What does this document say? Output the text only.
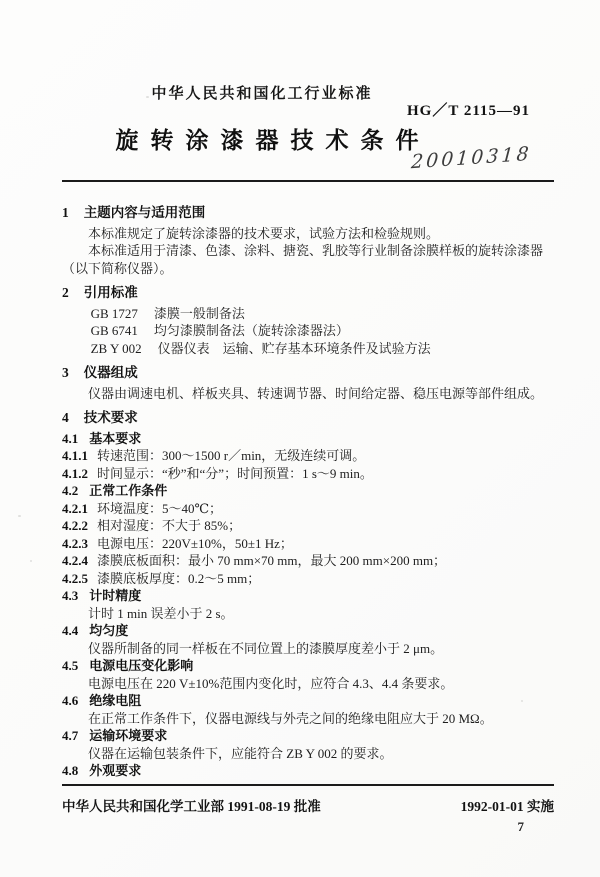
中华人民共和国化工行业标准
HG／T 2115—91
旋转涂漆器技术条件
20010318
1 主题内容与适用范围
本标准规定了旋转涂漆器的技术要求，试验方法和检验规则。
本标准适用于清漆、色漆、涂料、搪瓷、乳胶等行业制备涂膜样板的旋转涂漆器（以下简称仪器）。
2 引用标准
GB 1727 漆膜一般制备法
GB 6741 均匀漆膜制备法（旋转涂漆器法）
ZB Y 002 仪器仪表　运输、贮存基本环境条件及试验方法
3 仪器组成
仪器由调速电机、样板夹具、转速调节器、时间给定器、稳压电源等部件组成。
4 技术要求
4.1 基本要求
4.1.1 转速范围：300～1500 r／min，无级连续可调。
4.1.2 时间显示：“秒”和“分”；时间预置：1 s～9 min。
4.2 正常工作条件
4.2.1 环境温度：5～40℃；
4.2.2 相对湿度：不大于 85%；
4.2.3 电源电压：220V±10%，50±1 Hz；
4.2.4 漆膜底板面积：最小 70 mm×70 mm，最大 200 mm×200 mm；
4.2.5 漆膜底板厚度：0.2～5 mm；
4.3 计时精度
计时 1 min 误差小于 2 s。
4.4 均匀度
仪器所制备的同一样板在不同位置上的漆膜厚度差小于 2 μm。
4.5 电源电压变化影响
电源电压在 220 V±10%范围内变化时，应符合 4.3、4.4 条要求。
4.6 绝缘电阻
在正常工作条件下，仪器电源线与外壳之间的绝缘电阻应大于 20 MΩ。
4.7 运输环境要求
仪器在运输包装条件下，应能符合 ZB Y 002 的要求。
4.8 外观要求
中华人民共和国化学工业部 1991-08-19 批准	1992-01-01 实施
7
